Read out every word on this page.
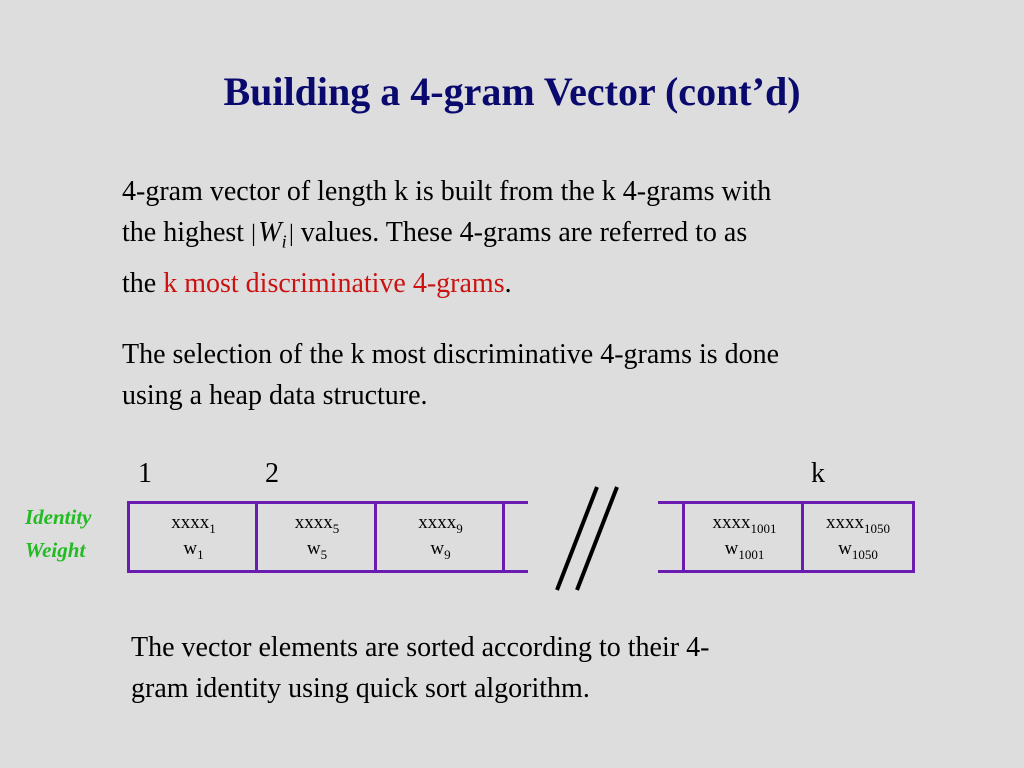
Building a 4-gram Vector (cont’d)
4-gram vector of length k is built from the k 4-grams with
the highest | $W_i$ | values. These 4-grams are referred to as
the k most discriminative 4-grams.
The selection of the k most discriminative 4-grams is done
using a heap data structure.
1	2	k
Identity
Weight
xxxx$_1$
$w_1$
xxxx$_5$
$w_5$
xxxx$_9$
$w_9$

xxxx$_{1001}$
$w_{1001}$
xxxx$_{1050}$
$w_{1050}$
The vector elements are sorted according to their 4-
gram identity using quick sort algorithm.
